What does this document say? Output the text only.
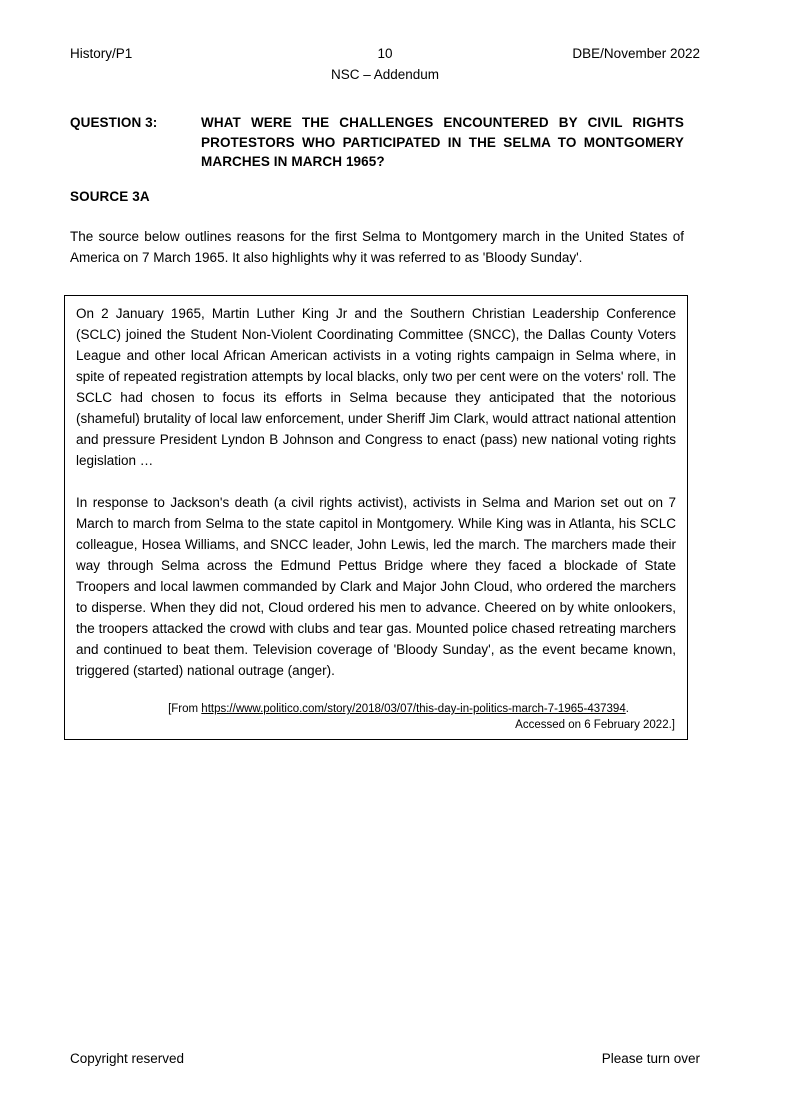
History/P1	10	DBE/November 2022
NSC – Addendum
QUESTION 3:	WHAT WERE THE CHALLENGES ENCOUNTERED BY CIVIL RIGHTS PROTESTORS WHO PARTICIPATED IN THE SELMA TO MONTGOMERY MARCHES IN MARCH 1965?
SOURCE 3A
The source below outlines reasons for the first Selma to Montgomery march in the United States of America on 7 March 1965. It also highlights why it was referred to as 'Bloody Sunday'.

On 2 January 1965, Martin Luther King Jr and the Southern Christian Leadership Conference (SCLC) joined the Student Non-Violent Coordinating Committee (SNCC), the Dallas County Voters League and other local African American activists in a voting rights campaign in Selma where, in spite of repeated registration attempts by local blacks, only two per cent were on the voters' roll. The SCLC had chosen to focus its efforts in Selma because they anticipated that the notorious (shameful) brutality of local law enforcement, under Sheriff Jim Clark, would attract national attention and pressure President Lyndon B Johnson and Congress to enact (pass) new national voting rights legislation …

In response to Jackson's death (a civil rights activist), activists in Selma and Marion set out on 7 March to march from Selma to the state capitol in Montgomery. While King was in Atlanta, his SCLC colleague, Hosea Williams, and SNCC leader, John Lewis, led the march. The marchers made their way through Selma across the Edmund Pettus Bridge where they faced a blockade of State Troopers and local lawmen commanded by Clark and Major John Cloud, who ordered the marchers to disperse. When they did not, Cloud ordered his men to advance. Cheered on by white onlookers, the troopers attacked the crowd with clubs and tear gas. Mounted police chased retreating marchers and continued to beat them. Television coverage of 'Bloody Sunday', as the event became known, triggered (started) national outrage (anger).

[From https://www.politico.com/story/2018/03/07/this-day-in-politics-march-7-1965-437394.
Accessed on 6 February 2022.]
Copyright reserved	Please turn over
